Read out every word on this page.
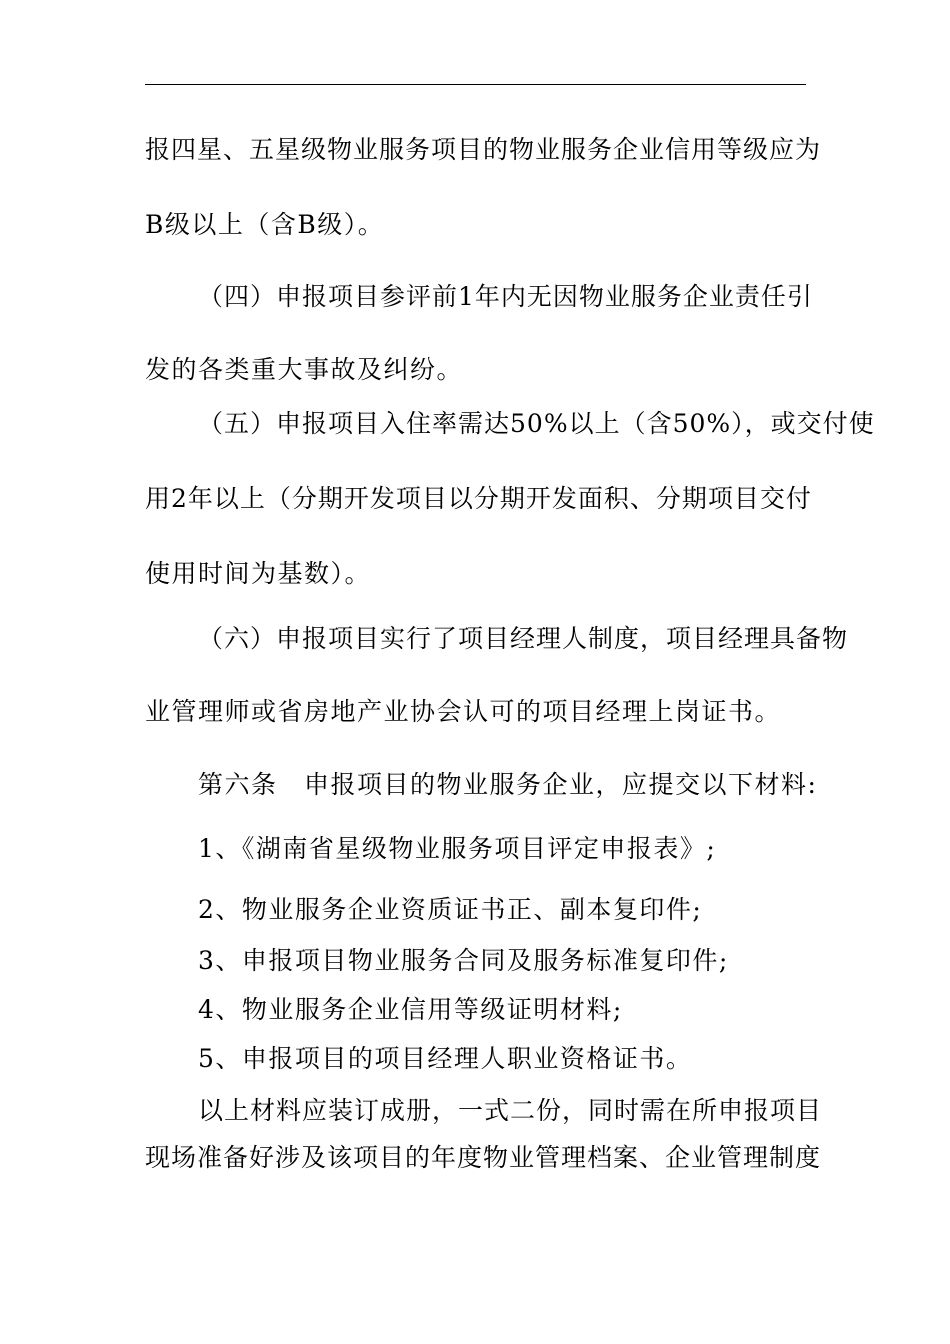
报四星、五星级物业服务项目的物业服务企业信用等级应为
B级以上（含B级）。
（四）申报项目参评前1年内无因物业服务企业责任引
发的各类重大事故及纠纷。
（五）申报项目入住率需达50%以上（含50%），或交付使
用2年以上（分期开发项目以分期开发面积、分期项目交付
使用时间为基数）。
（六）申报项目实行了项目经理人制度，项目经理具备物
业管理师或省房地产业协会认可的项目经理上岗证书。
第六条　申报项目的物业服务企业，应提交以下材料:
1、《湖南省星级物业服务项目评定申报表》;
2、物业服务企业资质证书正、副本复印件;
3、申报项目物业服务合同及服务标准复印件;
4、物业服务企业信用等级证明材料;
5、申报项目的项目经理人职业资格证书。
以上材料应装订成册，一式二份，同时需在所申报项目
现场准备好涉及该项目的年度物业管理档案、企业管理制度
